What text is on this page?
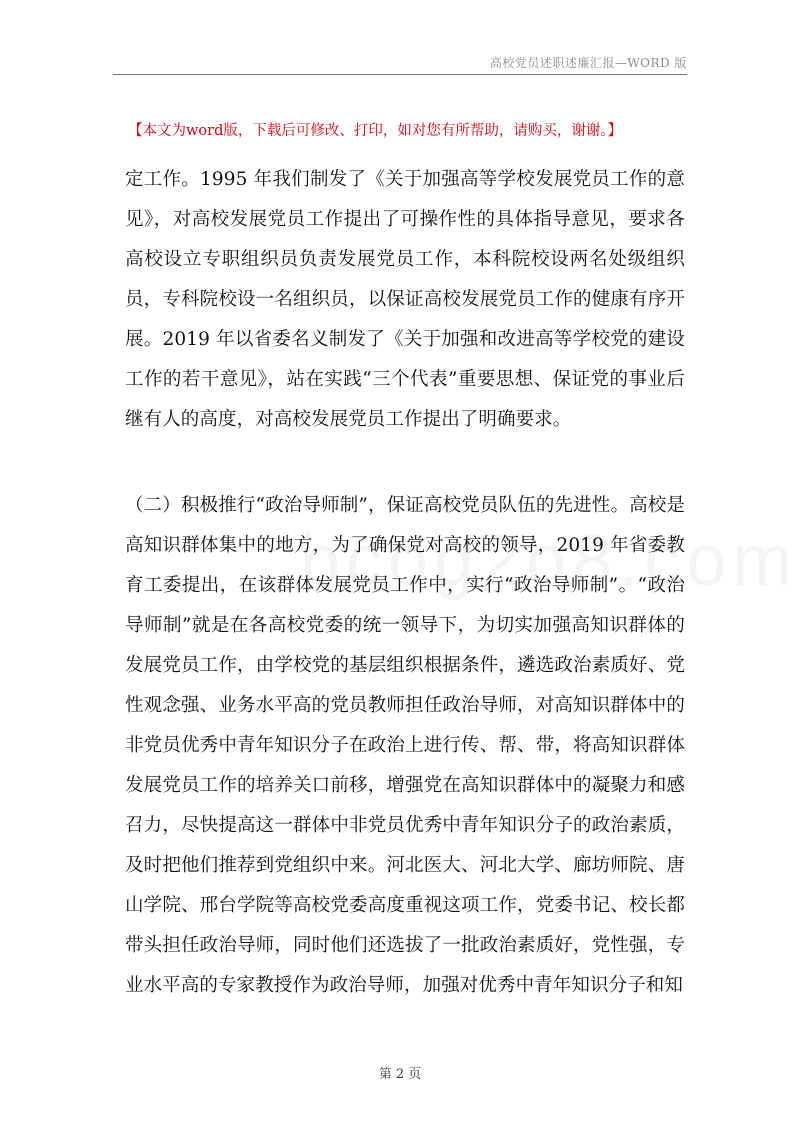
高校党员述职述廉汇报—WORD 版
【本文为word版，下载后可修改、打印，如对您有所帮助，请购买，谢谢。】

定工作。1995 年我们制发了《关于加强高等学校发展党员工作的意见》，对高校发展党员工作提出了可操作性的具体指导意见，要求各高校设立专职组织员负责发展党员工作，本科院校设两名处级组织员，专科院校设一名组织员，以保证高校发展党员工作的健康有序开展。2019 年以省委名义制发了《关于加强和改进高等学校党的建设工作的若干意见》，站在实践“三个代表”重要思想、保证党的事业后继有人的高度，对高校发展党员工作提出了明确要求。

（二）积极推行“政治导师制”，保证高校党员队伍的先进性。高校是高知识群体集中的地方，为了确保党对高校的领导，2019 年省委教育工委提出，在该群体发展党员工作中，实行“政治导师制”。“政治导师制”就是在各高校党委的统一领导下，为切实加强高知识群体的发展党员工作，由学校党的基层组织根据条件，遴选政治素质好、党性观念强、业务水平高的党员教师担任政治导师，对高知识群体中的非党员优秀中青年知识分子在政治上进行传、帮、带，将高知识群体发展党员工作的培养关口前移，增强党在高知识群体中的凝聚力和感召力，尽快提高这一群体中非党员优秀中青年知识分子的政治素质，及时把他们推荐到党组织中来。河北医大、河北大学、廊坊师院、唐山学院、邢台学院等高校党委高度重视这项工作，党委书记、校长都带头担任政治导师，同时他们还选拔了一批政治素质好，党性强，专业水平高的专家教授作为政治导师，加强对优秀中青年知识分子和知

第 2 页
